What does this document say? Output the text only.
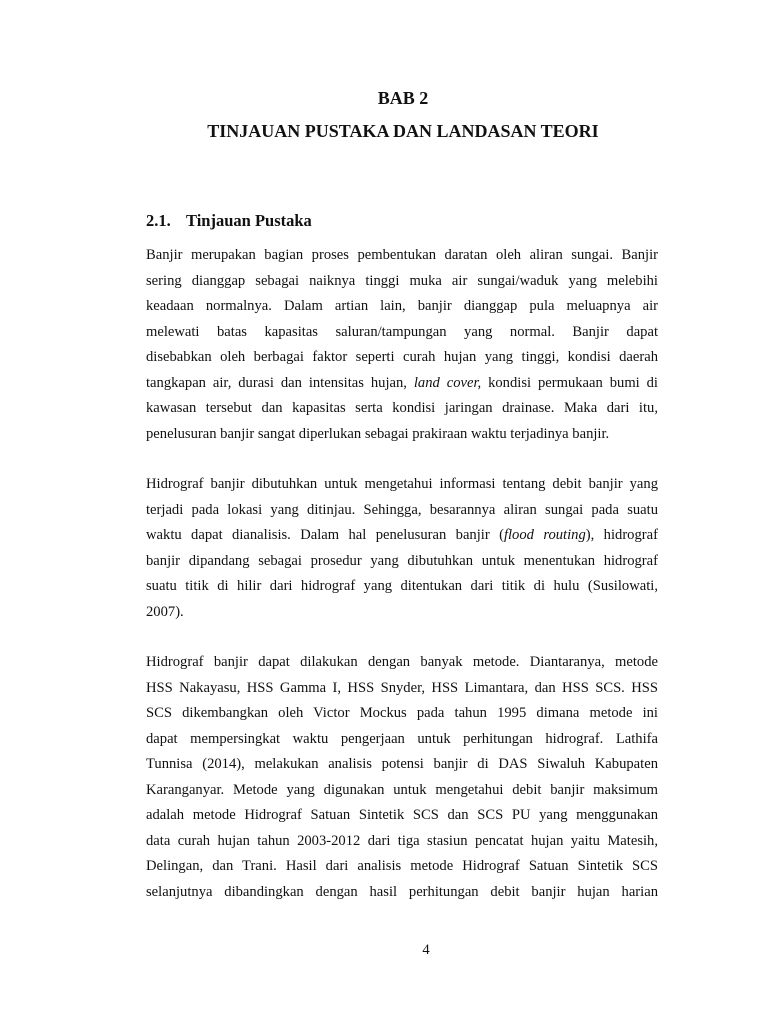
BAB 2
TINJAUAN PUSTAKA DAN LANDASAN TEORI
2.1. Tinjauan Pustaka
Banjir merupakan bagian proses pembentukan daratan oleh aliran sungai. Banjir
sering dianggap sebagai naiknya tinggi muka air sungai/waduk yang melebihi
keadaan normalnya. Dalam artian lain, banjir dianggap pula meluapnya air
melewati batas kapasitas saluran/tampungan yang normal. Banjir dapat
disebabkan oleh berbagai faktor seperti curah hujan yang tinggi, kondisi daerah
tangkapan air, durasi dan intensitas hujan, land cover, kondisi permukaan bumi di
kawasan tersebut dan kapasitas serta kondisi jaringan drainase. Maka dari itu,
penelusuran banjir sangat diperlukan sebagai prakiraan waktu terjadinya banjir.
Hidrograf banjir dibutuhkan untuk mengetahui informasi tentang debit banjir yang
terjadi pada lokasi yang ditinjau. Sehingga, besarannya aliran sungai pada suatu
waktu dapat dianalisis. Dalam hal penelusuran banjir (flood routing), hidrograf
banjir dipandang sebagai prosedur yang dibutuhkan untuk menentukan hidrograf
suatu titik di hilir dari hidrograf yang ditentukan dari titik di hulu (Susilowati,
2007).
Hidrograf banjir dapat dilakukan dengan banyak metode. Diantaranya, metode
HSS Nakayasu, HSS Gamma I, HSS Snyder, HSS Limantara, dan HSS SCS. HSS
SCS dikembangkan oleh Victor Mockus pada tahun 1995 dimana metode ini
dapat mempersingkat waktu pengerjaan untuk perhitungan hidrograf. Lathifa
Tunnisa (2014), melakukan analisis potensi banjir di DAS Siwaluh Kabupaten
Karanganyar. Metode yang digunakan untuk mengetahui debit banjir maksimum
adalah metode Hidrograf Satuan Sintetik SCS dan SCS PU yang menggunakan
data curah hujan tahun 2003-2012 dari tiga stasiun pencatat hujan yaitu Matesih,
Delingan, dan Trani. Hasil dari analisis metode Hidrograf Satuan Sintetik SCS
selanjutnya dibandingkan dengan hasil perhitungan debit banjir hujan harian
4
